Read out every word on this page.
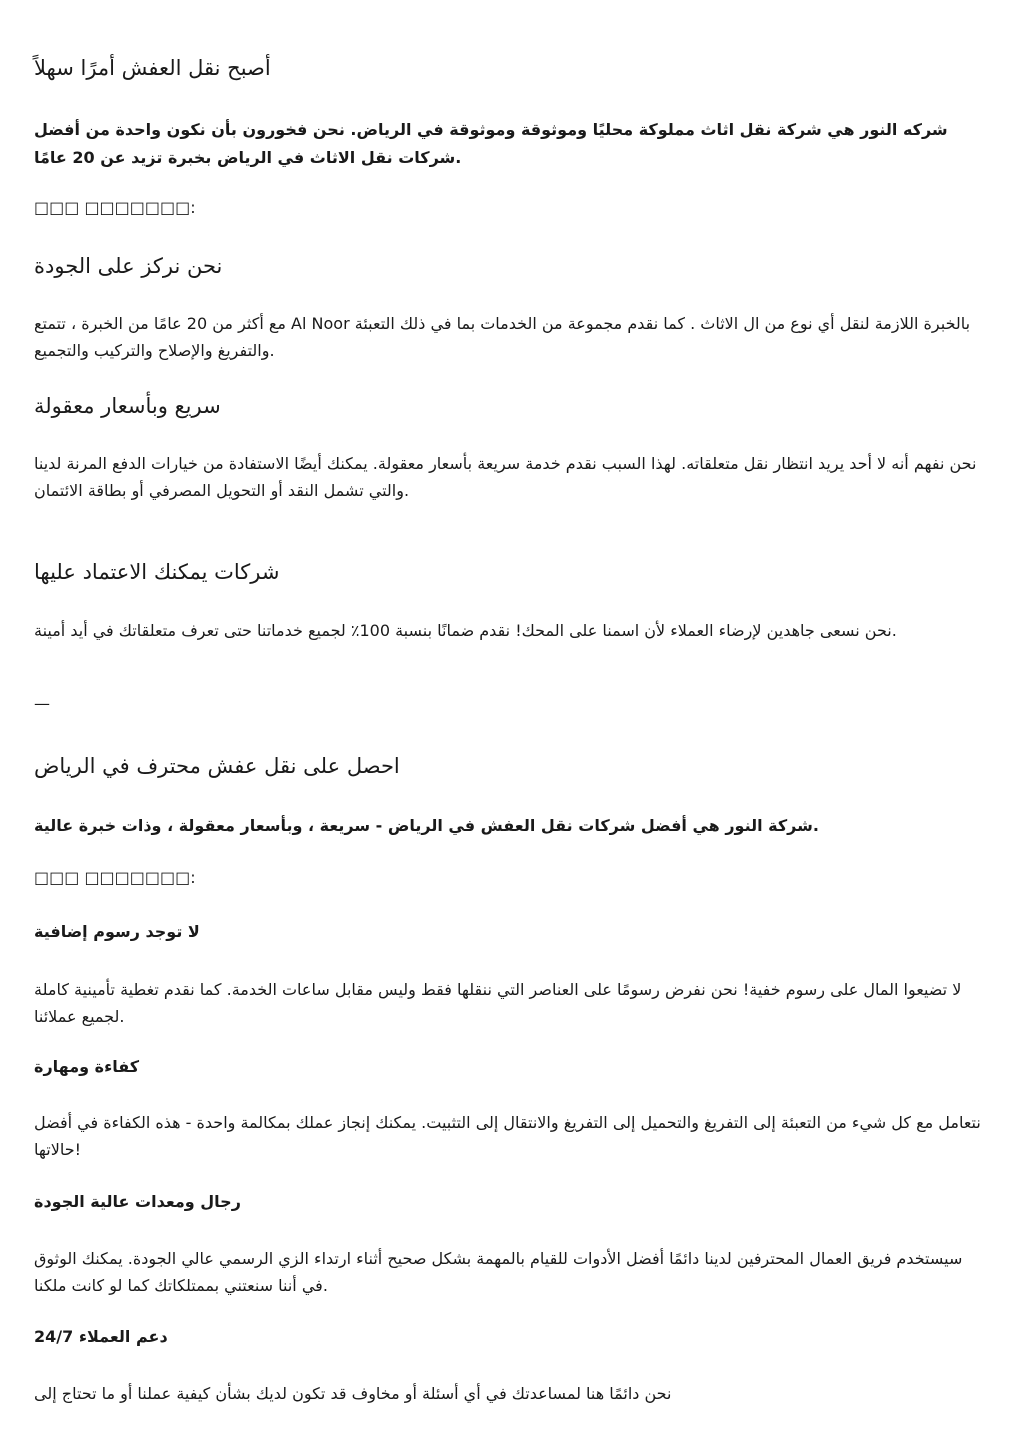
أصبح نقل العفش أمرًا سهلاً

شركه النور هي شركة نقل اثاث مملوكة محليًا وموثوقة وموثوقة في الرياض. نحن فخورون بأن نكون واحدة من أفضل شركات نقل الاثاث في الرياض بخبرة تزيد عن 20 عامًا.

□□□ □□□□□□□:

نحن نركز على الجودة

مع أكثر من 20 عامًا من الخبرة ، تتمتع Al Noor بالخبرة اللازمة لنقل أي نوع من ال الاثاث . كما نقدم مجموعة من الخدمات بما في ذلك التعبئة والتفريغ والإصلاح والتركيب والتجميع.

سريع وبأسعار معقولة

نحن نفهم أنه لا أحد يريد انتظار نقل متعلقاته. لهذا السبب نقدم خدمة سريعة بأسعار معقولة. يمكنك أيضًا الاستفادة من خيارات الدفع المرنة لدينا والتي تشمل النقد أو التحويل المصرفي أو بطاقة الائتمان.

شركات يمكنك الاعتماد عليها

نحن نسعى جاهدين لإرضاء العملاء لأن اسمنا على المحك! نقدم ضمانًا بنسبة 100٪ لجميع خدماتنا حتى تعرف متعلقاتك في أيد أمينة.

—

احصل على نقل عفش محترف في الرياض

شركة النور هي أفضل شركات نقل العفش في الرياض - سريعة ، وبأسعار معقولة ، وذات خبرة عالية.

□□□ □□□□□□□:

لا توجد رسوم إضافية

لا تضيعوا المال على رسوم خفية! نحن نفرض رسومًا على العناصر التي ننقلها فقط وليس مقابل ساعات الخدمة. كما نقدم تغطية تأمينية كاملة لجميع عملائنا.

كفاءة ومهارة

نتعامل مع كل شيء من التعبئة إلى التفريغ والتحميل إلى التفريغ والانتقال إلى التثبيت. يمكنك إنجاز عملك بمكالمة واحدة - هذه الكفاءة في أفضل حالاتها!

رجال ومعدات عالية الجودة

سيستخدم فريق العمال المحترفين لدينا دائمًا أفضل الأدوات للقيام بالمهمة بشكل صحيح أثناء ارتداء الزي الرسمي عالي الجودة. يمكنك الوثوق في أننا سنعتني بممتلكاتك كما لو كانت ملكنا.

24/7 دعم العملاء

نحن دائمًا هنا لمساعدتك في أي أسئلة أو مخاوف قد تكون لديك بشأن كيفية عملنا أو ما تحتاج إلى
